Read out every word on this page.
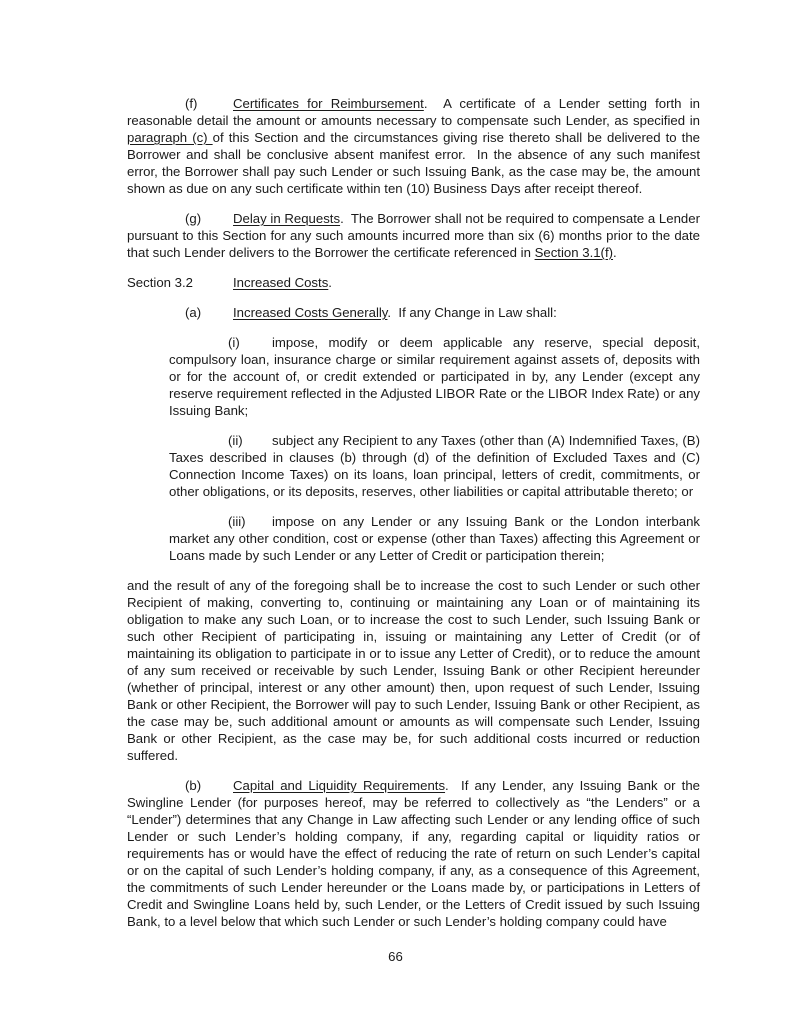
(f)	Certificates for Reimbursement.  A certificate of a Lender setting forth in reasonable detail the amount or amounts necessary to compensate such Lender, as specified in paragraph (c) of this Section and the circumstances giving rise thereto shall be delivered to the Borrower and shall be conclusive absent manifest error.  In the absence of any such manifest error, the Borrower shall pay such Lender or such Issuing Bank, as the case may be, the amount shown as due on any such certificate within ten (10) Business Days after receipt thereof.

(g) Delay in Requests.  The Borrower shall not be required to compensate a Lender pursuant to this Section for any such amounts incurred more than six (6) months prior to the date that such Lender delivers to the Borrower the certificate referenced in Section 3.1(f).

Section 3.2	Increased Costs.

(a) Increased Costs Generally.  If any Change in Law shall:

(i) impose, modify or deem applicable any reserve, special deposit, compulsory loan, insurance charge or similar requirement against assets of, deposits with or for the account of, or credit extended or participated in by, any Lender (except any reserve requirement reflected in the Adjusted LIBOR Rate or the LIBOR Index Rate) or any Issuing Bank;

(ii) subject any Recipient to any Taxes (other than (A) Indemnified Taxes, (B) Taxes described in clauses (b) through (d) of the definition of Excluded Taxes and (C) Connection Income Taxes) on its loans, loan principal, letters of credit, commitments, or other obligations, or its deposits, reserves, other liabilities or capital attributable thereto; or

(iii) impose on any Lender or any Issuing Bank or the London interbank market any other condition, cost or expense (other than Taxes) affecting this Agreement or Loans made by such Lender or any Letter of Credit or participation therein;

and the result of any of the foregoing shall be to increase the cost to such Lender or such other Recipient of making, converting to, continuing or maintaining any Loan or of maintaining its obligation to make any such Loan, or to increase the cost to such Lender, such Issuing Bank or such other Recipient of participating in, issuing or maintaining any Letter of Credit (or of maintaining its obligation to participate in or to issue any Letter of Credit), or to reduce the amount of any sum received or receivable by such Lender, Issuing Bank or other Recipient hereunder (whether of principal, interest or any other amount) then, upon request of such Lender, Issuing Bank or other Recipient, the Borrower will pay to such Lender, Issuing Bank or other Recipient, as the case may be, such additional amount or amounts as will compensate such Lender, Issuing Bank or other Recipient, as the case may be, for such additional costs incurred or reduction suffered.

(b) Capital and Liquidity Requirements.  If any Lender, any Issuing Bank or the Swingline Lender (for purposes hereof, may be referred to collectively as “the Lenders” or a “Lender”) determines that any Change in Law affecting such Lender or any lending office of such Lender or such Lender’s holding company, if any, regarding capital or liquidity ratios or requirements has or would have the effect of reducing the rate of return on such Lender’s capital or on the capital of such Lender’s holding company, if any, as a consequence of this Agreement, the commitments of such Lender hereunder or the Loans made by, or participations in Letters of Credit and Swingline Loans held by, such Lender, or the Letters of Credit issued by such Issuing Bank, to a level below that which such Lender or such Lender’s holding company could have

66
